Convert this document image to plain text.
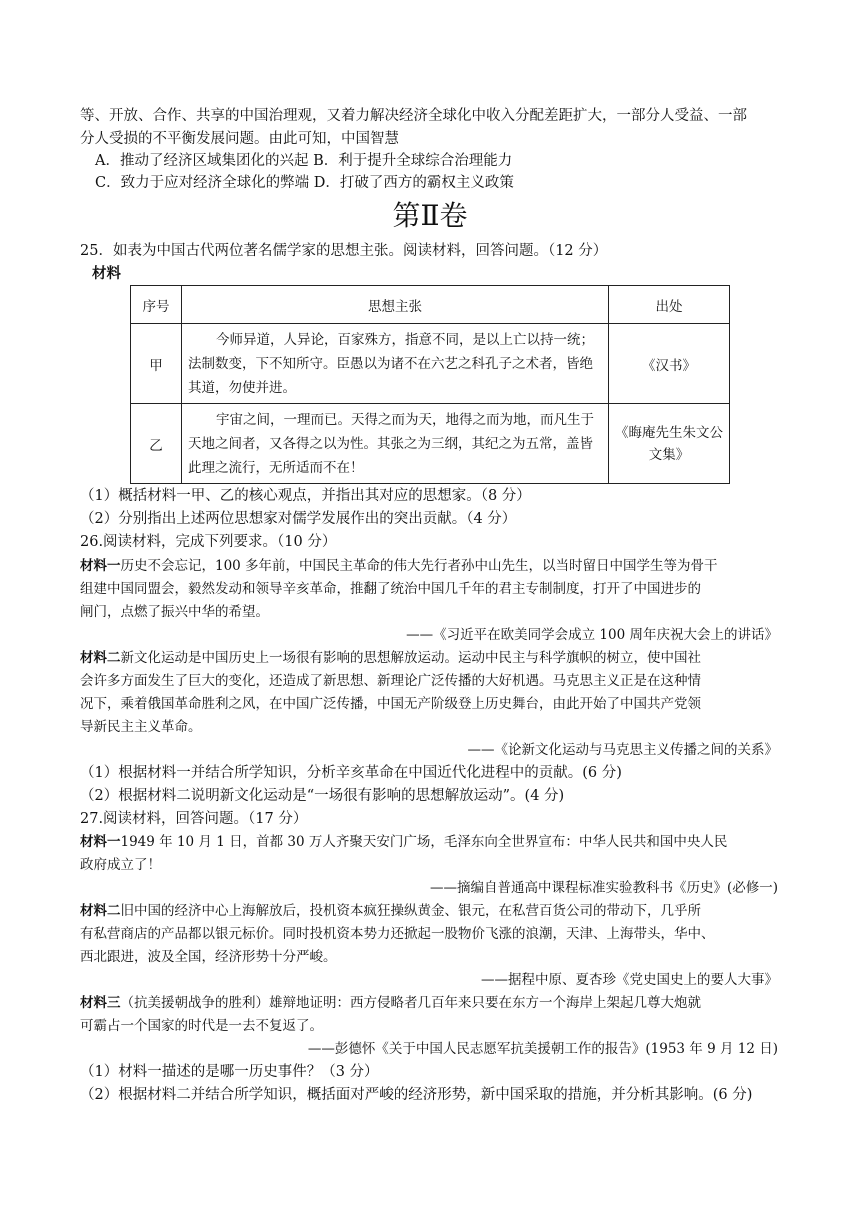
等、开放、合作、共享的中国治理观，又着力解决经济全球化中收入分配差距扩大，一部分人受益、一部
分人受损的不平衡发展问题。由此可知，中国智慧
A．推动了经济区域集团化的兴起 B．利于提升全球综合治理能力
C．致力于应对经济全球化的弊端 D．打破了西方的霸权主义政策
第Ⅱ卷
25．如表为中国古代两位著名儒学家的思想主张。阅读材料，回答问题。（12 分）
材料
序号	思想主张	出处
甲	今师异道，人异论，百家殊方，指意不同，是以上亡以持一统；法制数变，下不知所守。臣愚以为诸不在六艺之科孔子之术者，皆绝其道，勿使并进。	《汉书》
乙	宇宙之间，一理而已。天得之而为天，地得之而为地，而凡生于天地之间者，又各得之以为性。其张之为三纲，其纪之为五常，盖皆此理之流行，无所适而不在！	《晦庵先生朱文公文集》
（1）概括材料一甲、乙的核心观点，并指出其对应的思想家。（8 分）
（2）分别指出上述两位思想家对儒学发展作出的突出贡献。（4 分）
26.阅读材料，完成下列要求。（10 分）
材料一历史不会忘记，100 多年前，中国民主革命的伟大先行者孙中山先生，以当时留日中国学生等为骨干
组建中国同盟会，毅然发动和领导辛亥革命，推翻了统治中国几千年的君主专制制度，打开了中国进步的
闸门，点燃了振兴中华的希望。
——《习近平在欧美同学会成立 100 周年庆祝大会上的讲话》
材料二新文化运动是中国历史上一场很有影响的思想解放运动。运动中民主与科学旗帜的树立，使中国社
会许多方面发生了巨大的变化，还造成了新思想、新理论广泛传播的大好机遇。马克思主义正是在这种情
况下，乘着俄国革命胜利之风，在中国广泛传播，中国无产阶级登上历史舞台，由此开始了中国共产党领
导新民主主义革命。
——《论新文化运动与马克思主义传播之间的关系》
（1）根据材料一并结合所学知识，分析辛亥革命在中国近代化进程中的贡献。(6 分)
（2）根据材料二说明新文化运动是“一场很有影响的思想解放运动”。(4 分)
27.阅读材料，回答问题。（17 分）
材料一1949 年 10 月 1 日，首都 30 万人齐聚天安门广场，毛泽东向全世界宣布：中华人民共和国中央人民
政府成立了！
——摘编自普通高中课程标准实验教科书《历史》(必修一)
材料二旧中国的经济中心上海解放后，投机资本疯狂操纵黄金、银元，在私营百货公司的带动下，几乎所
有私营商店的产品都以银元标价。同时投机资本势力还掀起一股物价飞涨的浪潮，天津、上海带头，华中、
西北跟进，波及全国，经济形势十分严峻。
——据程中原、夏杏珍《党史国史上的要人大事》
材料三（抗美援朝战争的胜利）雄辩地证明：西方侵略者几百年来只要在东方一个海岸上架起几尊大炮就
可霸占一个国家的时代是一去不复返了。
——彭德怀《关于中国人民志愿军抗美援朝工作的报告》(1953 年 9 月 12 日)
（1）材料一描述的是哪一历史事件？（3 分）
（2）根据材料二并结合所学知识，概括面对严峻的经济形势，新中国采取的措施，并分析其影响。(6 分)
